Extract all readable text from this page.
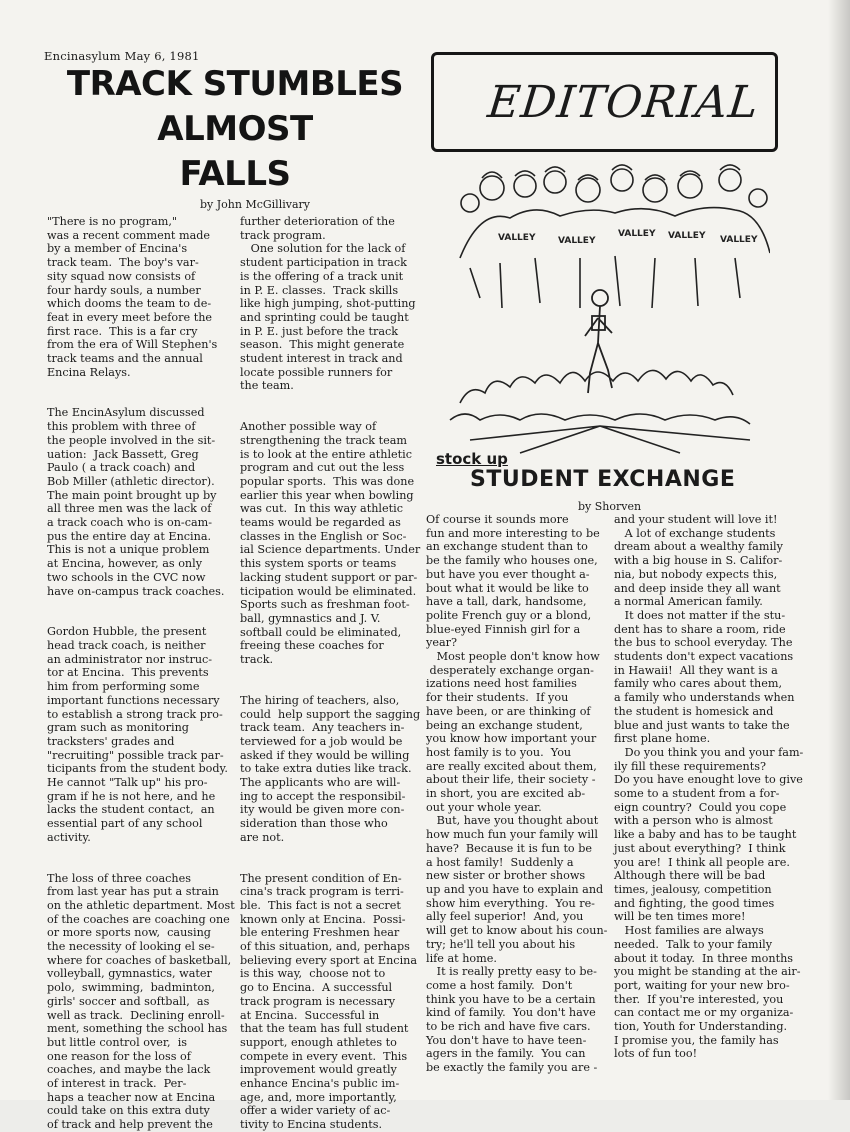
Encinasylum May 6, 1981
TRACK STUMBLES
ALMOST
FALLS
by John McGillivary

"There is no program,"
was a recent comment made
by a member of Encina's
track team.  The boy's var-
sity squad now consists of
four hardy souls, a number
which dooms the team to de-
feat in every meet before the
first race.  This is a far cry
from the era of Will Stephen's
track teams and the annual
Encina Relays.

The EncinAsylum discussed
this problem with three of
the people involved in the sit-
uation:  Jack Bassett, Greg
Paulo ( a track coach) and
Bob Miller (athletic director).
The main point brought up by
all three men was the lack of
a track coach who is on-cam-
pus the entire day at Encina.
This is not a unique problem
at Encina, however, as only
two schools in the CVC now
have on-campus track coaches.

Gordon Hubble, the present
head track coach, is neither
an administrator nor instruc-
tor at Encina.  This prevents
him from performing some
important functions necessary
to establish a strong track pro-
gram such as monitoring
tracksters' grades and
"recruiting" possible track par-
ticipants from the student body.
He cannot "Talk up" his pro-
gram if he is not here, and he
lacks the student contact,  an
essential part of any school
activity.

The loss of three coaches
from last year has put a strain
on the athletic department. Most
of the coaches are coaching one
or more sports now,  causing
the necessity of looking el se-
where for coaches of basketball,
volleyball, gymnastics, water
polo,  swimming,  badminton,
girls' soccer and softball,  as
well as track.  Declining enroll-
ment, something the school has
but little control over,  is
one reason for the loss of
coaches, and maybe the lack
of interest in track.  Per-
haps a teacher now at Encina
could take on this extra duty
of track and help prevent the

further deterioration of the
track program.
One solution for the lack of
student participation in track
is the offering of a track unit
in P. E. classes.  Track skills
like high jumping, shot-putting
and sprinting could be taught
in P. E. just before the track
season.  This might generate
student interest in track and
locate possible runners for
the team.

Another possible way of
strengthening the track team
is to look at the entire athletic
program and cut out the less
popular sports.  This was done
earlier this year when bowling
was cut.  In this way athletic
teams would be regarded as
classes in the English or Soc-
ial Science departments. Under
this system sports or teams
lacking student support or par-
ticipation would be eliminated.
Sports such as freshman foot-
ball, gymnastics and J. V.
softball could be eliminated,
freeing these coaches for
track.

The hiring of teachers, also,
could  help support the sagging
track team.  Any teachers in-
terviewed for a job would be
asked if they would be willing
to take extra duties like track.
The applicants who are will-
ing to accept the responsibil-
ity would be given more con-
sideration than those who
are not.

The present condition of En-
cina's track program is terri-
ble.  This fact is not a secret
known only at Encina.  Possi-
ble entering Freshmen hear
of this situation, and, perhaps
believing every sport at Encina
is this way,  choose not to
go to Encina.  A successful
track program is necessary
at Encina.  Successful in
that the team has full student
support, enough athletes to
compete in every event.  This
improvement would greatly
enhance Encina's public im-
age, and, more importantly,
offer a wider variety of ac-
tivity to Encina students.

EDITORIAL
VALLEY	VALLEY
VALLEY VALLEY VALLEY
stock up
STUDENT EXCHANGE
by Shorven

Of course it sounds more
fun and more interesting to be
an exchange student than to
be the family who houses one,
but have you ever thought a-
bout what it would be like to
have a tall, dark, handsome,
polite French guy or a blond,
blue-eyed Finnish girl for a
year?
Most people don't know how
desperately exchange organ-
izations need host families
for their students.  If you
have been, or are thinking of
being an exchange student,
you know how important your
host family is to you.  You
are really excited about them,
about their life, their society -
in short, you are excited ab-
out your whole year.
But, have you thought about
how much fun your family will
have?  Because it is fun to be
a host family!  Suddenly a
new sister or brother shows
up and you have to explain and
show him everything.  You re-
ally feel superior!  And, you
will get to know about his coun-
try; he'll tell you about his
life at home.
It is really pretty easy to be-
come a host family.  Don't
think you have to be a certain
kind of family.  You don't have
to be rich and have five cars.
You don't have to have teen-
agers in the family.  You can
be exactly the family you are -

and your student will love it!
A lot of exchange students
dream about a wealthy family
with a big house in S. Califor-
nia, but nobody expects this,
and deep inside they all want
a normal American family.
It does not matter if the stu-
dent has to share a room, ride
the bus to school everyday. The
students don't expect vacations
in Hawaii!  All they want is a
family who cares about them,
a family who understands when
the student is homesick and
blue and just wants to take the
first plane home.
Do you think you and your fam-
ily fill these requirements?
Do you have enought love to give
some to a student from a for-
eign country?  Could you cope
with a person who is almost
like a baby and has to be taught
just about everything?  I think
you are!  I think all people are.
Although there will be bad
times, jealousy, competition
and fighting, the good times
will be ten times more!
Host families are always
needed.  Talk to your family
about it today.  In three months
you might be standing at the air-
port, waiting for your new bro-
ther.  If you're interested, you
can contact me or my organiza-
tion, Youth for Understanding.
I promise you, the family has
lots of fun too!
